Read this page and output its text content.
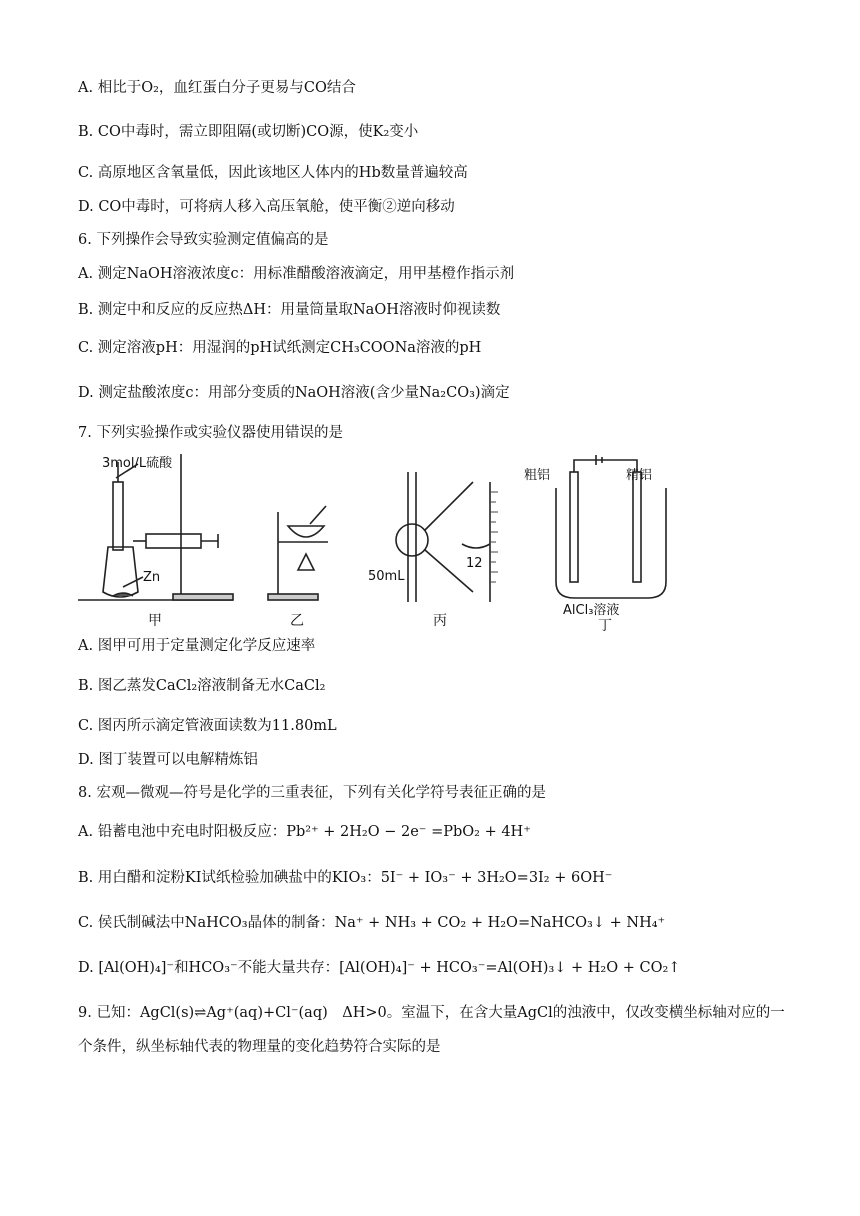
A. 相比于O₂，血红蛋白分子更易与CO结合
B. CO中毒时，需立即阻隔(或切断)CO源，使K₂变小
C. 高原地区含氧量低，因此该地区人体内的Hb数量普遍较高
D. CO中毒时，可将病人移入高压氧舱，使平衡②逆向移动
6. 下列操作会导致实验测定值偏高的是
A. 测定NaOH溶液浓度c：用标准醋酸溶液滴定，用甲基橙作指示剂
B. 测定中和反应的反应热ΔH：用量筒量取NaOH溶液时仰视读数
C. 测定溶液pH：用湿润的pH试纸测定CH₃COONa溶液的pH
D. 测定盐酸浓度c：用部分变质的NaOH溶液(含少量Na₂CO₃)滴定
7. 下列实验操作或实验仪器使用错误的是
3mol/L硫酸
Zn	50mL
12
粗铝	精铝
AlCl₃溶液
甲	乙	丙	丁
A. 图甲可用于定量测定化学反应速率
B. 图乙蒸发CaCl₂溶液制备无水CaCl₂
C. 图丙所示滴定管液面读数为11.80mL
D. 图丁装置可以电解精炼铝
8. 宏观—微观—符号是化学的三重表征，下列有关化学符号表征正确的是
A. 铅蓄电池中充电时阳极反应：Pb²⁺ + 2H₂O − 2e⁻ =PbO₂ + 4H⁺
B. 用白醋和淀粉KI试纸检验加碘盐中的KIO₃：5I⁻ + IO₃⁻ + 3H₂O=3I₂ + 6OH⁻
C. 侯氏制碱法中NaHCO₃晶体的制备：Na⁺ + NH₃ + CO₂ + H₂O=NaHCO₃↓ + NH₄⁺
D. [Al(OH)₄]⁻和HCO₃⁻不能大量共存：[Al(OH)₄]⁻ + HCO₃⁻=Al(OH)₃↓ + H₂O + CO₂↑
9. 已知：AgCl(s)⇌Ag⁺(aq)+Cl⁻(aq)　ΔH>0。室温下，在含大量AgCl的浊液中，仅改变横坐标轴对应的一个条件，纵坐标轴代表的物理量的变化趋势符合实际的是
